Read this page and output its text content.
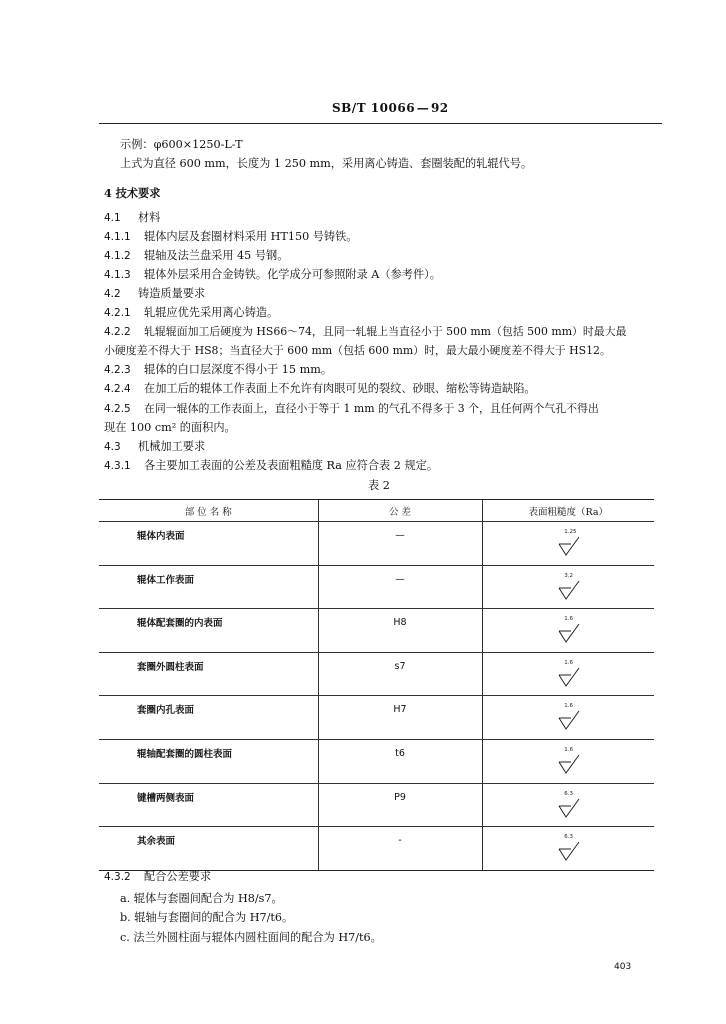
SB/T 10066 — 92
示例：φ600×1250-L-T
上式为直径 600 mm，长度为 1 250 mm，采用离心铸造、套圈装配的轧辊代号。
4 技术要求
4.1 材料
4.1.1 辊体内层及套圈材料采用 HT150 号铸铁。
4.1.2 辊轴及法兰盘采用 45 号钢。
4.1.3 辊体外层采用合金铸铁。化学成分可参照附录 A（参考件）。
4.2 铸造质量要求
4.2.1 轧辊应优先采用离心铸造。
4.2.2 轧辊辊面加工后硬度为 HS66～74，且同一轧辊上当直径小于 500 mm（包括 500 mm）时最大最
小硬度差不得大于 HS8；当直径大于 600 mm（包括 600 mm）时，最大最小硬度差不得大于 HS12。
4.2.3 辊体的白口层深度不得小于 15 mm。
4.2.4 在加工后的辊体工作表面上不允许有肉眼可见的裂纹、砂眼、缩松等铸造缺陷。
4.2.5 在同一辊体的工作表面上，直径小于等于 1 mm 的气孔不得多于 3 个，且任何两个气孔不得出
现在 100 cm² 的面积内。
4.3 机械加工要求
4.3.1 各主要加工表面的公差及表面粗糙度 Ra 应符合表 2 规定。
表 2
部 位 名 称	公 差	表面粗糙度（Ra）
辊体内表面	—	1.25

辊体工作表面	—	3.2

辊体配套圈的内表面	H8	1.6

套圈外圆柱表面	s7	1.6

套圈内孔表面	H7	1.6

辊轴配套圈的圆柱表面	t6	1.6

键槽两侧表面	P9	6.3

其余表面	-	6.3
4.3.2 配合公差要求
a. 辊体与套圈间配合为 H8/s7。
b. 辊轴与套圈间的配合为 H7/t6。
c. 法兰外圆柱面与辊体内圆柱面间的配合为 H7/t6。
403
